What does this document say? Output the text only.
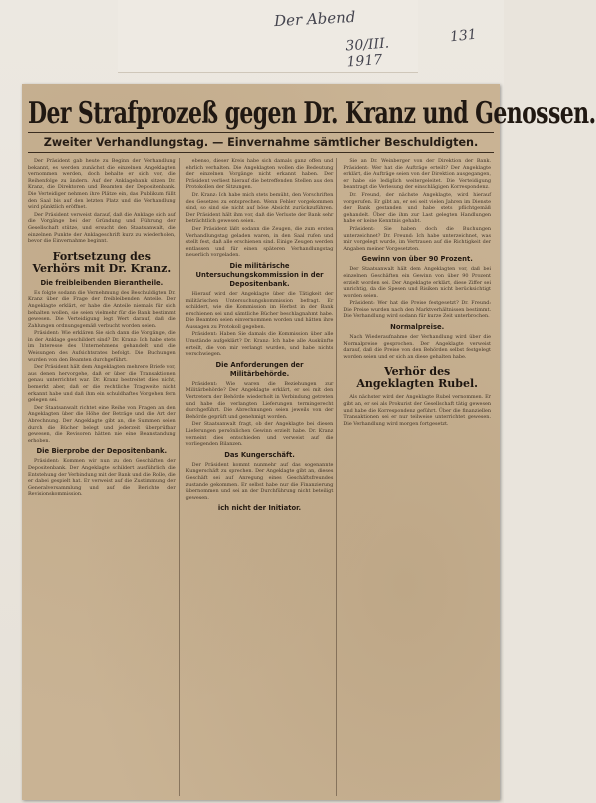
Der Abend
30/III. 1917
131
Der Strafprozeß gegen Dr. Kranz und Genossen.
Zweiter Verhandlungstag. — Einvernahme sämtlicher Beschuldigten.
Der Präsident gab heute zu Beginn der Verhandlung bekannt, es werden zunächst die einzelnen Angeklagten vernommen werden, doch behalte er sich vor, die Reihenfolge zu ändern. Auf der Anklagebank sitzen Dr. Kranz, die Direktoren und Beamten der Depositenbank. Die Verteidiger nehmen ihre Plätze ein, das Publikum füllt den Saal bis auf den letzten Platz und die Verhandlung wird pünktlich eröffnet.
Der Präsident verweist darauf, daß die Anklage sich auf die Vorgänge bei der Gründung und Führung der Gesellschaft stütze, und ersucht den Staatsanwalt, die einzelnen Punkte der Anklageschrift kurz zu wiederholen, bevor die Einvernahme beginnt.
Fortsetzung des Verhörs mit Dr. Kranz.
Die freibleibenden Bierantheile.
Es folgte sodann die Vernehmung des Beschuldigten Dr. Kranz über die Frage der freibleibenden Anteile. Der Angeklagte erklärt, er habe die Anteile niemals für sich behalten wollen, sie seien vielmehr für die Bank bestimmt gewesen. Die Verteidigung legt Wert darauf, daß die Zahlungen ordnungsgemäß verbucht worden seien.
Präsident: Wie erklären Sie sich dann die Vorgänge, die in der Anklage geschildert sind? Dr. Kranz: Ich habe stets im Interesse des Unternehmens gehandelt und die Weisungen des Aufsichtsrates befolgt. Die Buchungen wurden von den Beamten durchgeführt.
Der Präsident hält dem Angeklagten mehrere Briefe vor, aus denen hervorgehe, daß er über die Transaktionen genau unterrichtet war. Dr. Kranz bestreitet dies nicht, bemerkt aber, daß er die rechtliche Tragweite nicht erkannt habe und daß ihm ein schuldhaftes Vorgehen fern gelegen sei.
Der Staatsanwalt richtet eine Reihe von Fragen an den Angeklagten über die Höhe der Beträge und die Art der Abrechnung. Der Angeklagte gibt an, die Summen seien durch die Bücher belegt und jederzeit überprüfbar gewesen, die Revisoren hätten nie eine Beanstandung erhoben.
Die Bierprobe der Depositenbank.
Präsident: Kommen wir nun zu den Geschäften der Depositenbank. Der Angeklagte schildert ausführlich die Entstehung der Verbindung mit der Bank und die Rolle, die er dabei gespielt hat. Er verweist auf die Zustimmung der Generalversammlung und auf die Berichte der Revisionskommission.
ebenso, dieser Kreis habe sich damals ganz offen und ehrlich verhalten. Die Angeklagten wollen die Bedeutung der einzelnen Vorgänge nicht erkannt haben. Der Präsident verliest hierauf die betreffenden Stellen aus den Protokollen der Sitzungen.
Dr. Kranz: Ich habe mich stets bemüht, den Vorschriften des Gesetzes zu entsprechen. Wenn Fehler vorgekommen sind, so sind sie nicht auf böse Absicht zurückzuführen. Der Präsident hält ihm vor, daß die Verluste der Bank sehr beträchtlich gewesen seien.
Der Präsident läßt sodann die Zeugen, die zum ersten Verhandlungstag geladen waren, in den Saal rufen und stellt fest, daß alle erschienen sind. Einige Zeugen werden entlassen und für einen späteren Verhandlungstag neuerlich vorgeladen.
Die militärische Untersuchungskommission in der Depositenbank.
Hierauf wird der Angeklagte über die Tätigkeit der militärischen Untersuchungskommission befragt. Er schildert, wie die Kommission im Herbst in der Bank erschienen sei und sämtliche Bücher beschlagnahmt habe. Die Beamten seien einvernommen worden und hätten ihre Aussagen zu Protokoll gegeben.
Präsident: Haben Sie damals die Kommission über alle Umstände aufgeklärt? Dr. Kranz: Ich habe alle Auskünfte erteilt, die von mir verlangt wurden, und habe nichts verschwiegen.
Die Anforderungen der Militärbehörde.
Präsident: Wie waren die Beziehungen zur Militärbehörde? Der Angeklagte erklärt, er sei mit den Vertretern der Behörde wiederholt in Verbindung getreten und habe die verlangten Lieferungen termingerecht durchgeführt. Die Abrechnungen seien jeweils von der Behörde geprüft und genehmigt worden.
Der Staatsanwalt fragt, ob der Angeklagte bei diesen Lieferungen persönlichen Gewinn erzielt habe. Dr. Kranz verneint dies entschieden und verweist auf die vorliegenden Bilanzen.
Das Kungerschäft.
Der Präsident kommt nunmehr auf das sogenannte Kungerschäft zu sprechen. Der Angeklagte gibt an, dieses Geschäft sei auf Anregung eines Geschäftsfreundes zustande gekommen. Er selbst habe nur die Finanzierung übernommen und sei an der Durchführung nicht beteiligt gewesen.
ich nicht der Initiator.
Sie an Dr. Weinberger von der Direktion der Bank. Präsident: Wer hat die Aufträge erteilt? Der Angeklagte erklärt, die Aufträge seien von der Direktion ausgegangen, er habe sie lediglich weitergeleitet. Die Verteidigung beantragt die Verlesung der einschlägigen Korrespondenz.
Dr. Freund, der nächste Angeklagte, wird hierauf vorgerufen. Er gibt an, er sei seit vielen Jahren im Dienste der Bank gestanden und habe stets pflichtgemäß gehandelt. Über die ihm zur Last gelegten Handlungen habe er keine Kenntnis gehabt.
Präsident: Sie haben doch die Buchungen unterzeichnet? Dr. Freund: Ich habe unterzeichnet, was mir vorgelegt wurde, im Vertrauen auf die Richtigkeit der Angaben meiner Vorgesetzten.
Gewinn von über 90 Prozent.
Der Staatsanwalt hält dem Angeklagten vor, daß bei einzelnen Geschäften ein Gewinn von über 90 Prozent erzielt worden sei. Der Angeklagte erklärt, diese Ziffer sei unrichtig, da die Spesen und Risiken nicht berücksichtigt worden seien.
Präsident: Wer hat die Preise festgesetzt? Dr. Freund: Die Preise wurden nach den Marktverhältnissen bestimmt. Die Verhandlung wird sodann für kurze Zeit unterbrochen.
Normalpreise.
Nach Wiederaufnahme der Verhandlung wird über die Normalpreise gesprochen. Der Angeklagte verweist darauf, daß die Preise von den Behörden selbst festgelegt worden seien und er sich an diese gehalten habe.
Verhör des Angeklagten Rubel.
Als nächster wird der Angeklagte Rubel vernommen. Er gibt an, er sei als Prokurist der Gesellschaft tätig gewesen und habe die Korrespondenz geführt. Über die finanziellen Transaktionen sei er nur teilweise unterrichtet gewesen. Die Verhandlung wird morgen fortgesetzt.
